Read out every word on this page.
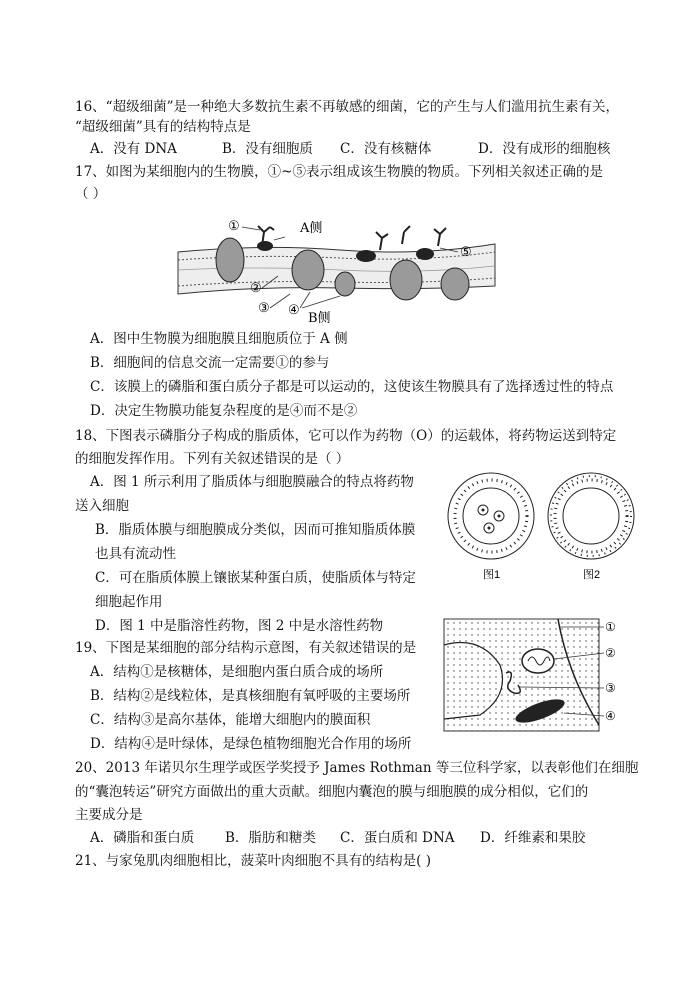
16、“超级细菌”是一种绝大多数抗生素不再敏感的细菌，它的产生与人们滥用抗生素有关，
“超级细菌”具有的结构特点是
A．没有 DNA	B．没有细胞质 C．没有核糖体	D．没有成形的细胞核
17、如图为某细胞内的生物膜，①~⑤表示组成该生物膜的物质。下列相关叙述正确的是
（ ）
①	A侧
⑤
②
③ ④
B侧
A．图中生物膜为细胞膜且细胞质位于 A 侧
B．细胞间的信息交流一定需要①的参与
C．该膜上的磷脂和蛋白质分子都是可以运动的，这使该生物膜具有了选择透过性的特点
D．决定生物膜功能复杂程度的是④而不是②
18、下图表示磷脂分子构成的脂质体，它可以作为药物（O）的运载体，将药物运送到特定
的细胞发挥作用。下列有关叙述错误的是（ ）
A．图 1 所示利用了脂质体与细胞膜融合的特点将药物
送入细胞
B．脂质体膜与细胞膜成分类似，因而可推知脂质体膜
也具有流动性
C．可在脂质体膜上镶嵌某种蛋白质，使脂质体与特定
细胞起作用
D．图 1 中是脂溶性药物，图 2 中是水溶性药物
图1	图2
19、下图是某细胞的部分结构示意图，有关叙述错误的是
A．结构①是核糖体，是细胞内蛋白质合成的场所
B．结构②是线粒体，是真核细胞有氧呼吸的主要场所
C．结构③是高尔基体，能增大细胞内的膜面积
D．结构④是叶绿体，是绿色植物细胞光合作用的场所
①
②
③
④
20、2013 年诺贝尔生理学或医学奖授予 James Rothman 等三位科学家，以表彰他们在细胞
的“囊泡转运”研究方面做出的重大贡献。细胞内囊泡的膜与细胞膜的成分相似，它们的
主要成分是
A．磷脂和蛋白质 B．脂肪和糖类 C．蛋白质和 DNA D．纤维素和果胶
21、与家兔肌肉细胞相比，菠菜叶肉细胞不具有的结构是( )
